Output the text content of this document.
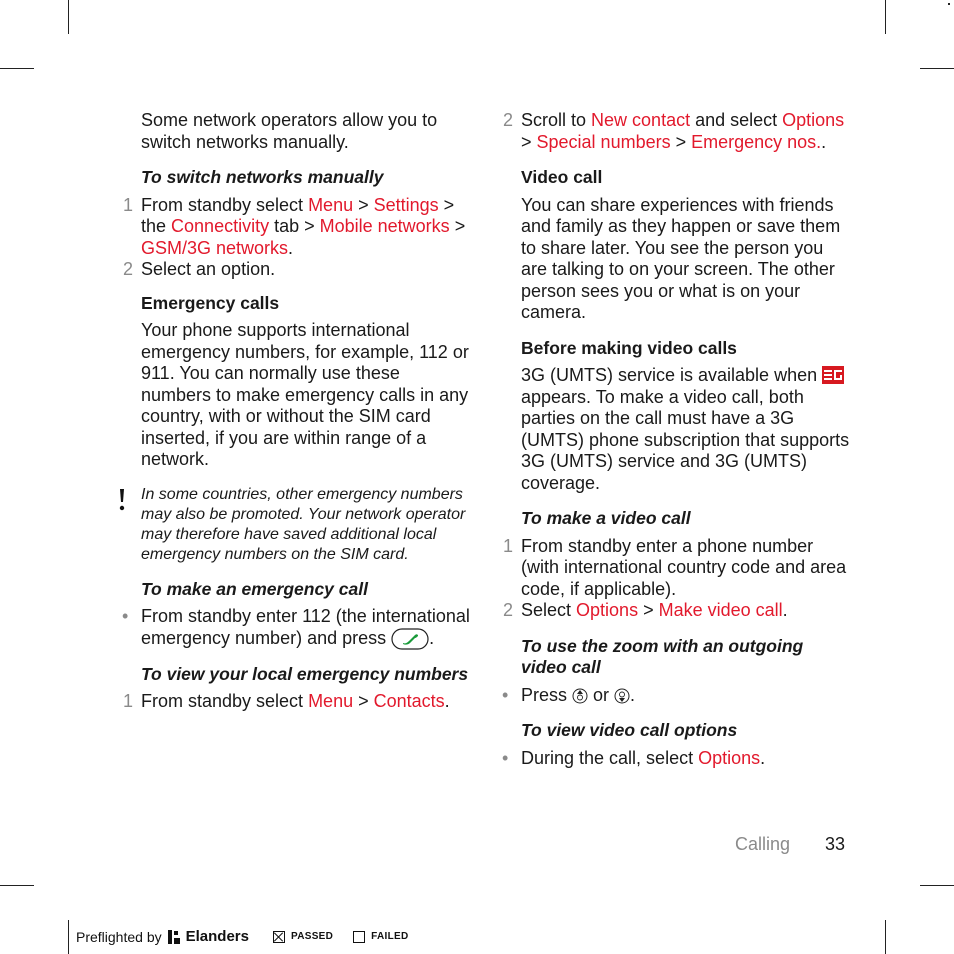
Some network operators allow you to switch networks manually.

To switch networks manually

1 From standby select Menu > Settings > the Connectivity tab > Mobile networks > GSM/3G networks.
2 Select an option.

Emergency calls

Your phone supports international emergency numbers, for example, 112 or 911. You can normally use these numbers to make emergency calls in any country, with or without the SIM card inserted, if you are within range of a network.

In some countries, other emergency numbers may also be promoted. Your network operator may therefore have saved additional local emergency numbers on the SIM card.

To make an emergency call

• From standby enter 112 (the international emergency number) and press .

To view your local emergency numbers

1 From standby select Menu > Contacts.
2 Scroll to New contact and select Options > Special numbers > Emergency nos..

Video call

You can share experiences with friends and family as they happen or save them to share later. You see the person you are talking to on your screen. The other person sees you or what is on your camera.

Before making video calls

3G (UMTS) service is available when
appears. To make a video call, both parties on the call must have a 3G (UMTS) phone subscription that supports 3G (UMTS) service and 3G (UMTS) coverage.

To make a video call

1 From standby enter a phone number (with international country code and area code, if applicable).
2 Select Options > Make video call.

To use the zoom with an outgoing video call

• Press  or .

To view video call options

• During the call, select Options.
Calling 33
Preflighted by Elanders	PASSED	FAILED
